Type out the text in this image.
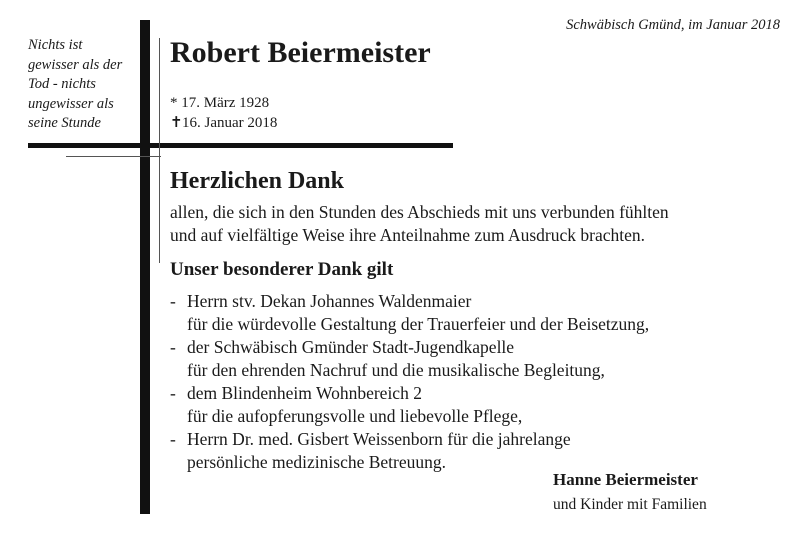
Nichts ist
gewisser als der
Tod - nichts
ungewisser als
seine Stunde
Schwäbisch Gmünd, im Januar 2018
Robert Beiermeister
* 17. März 1928
✝16. Januar 2018
Herzlichen Dank
allen, die sich in den Stunden des Abschieds mit uns verbunden fühlten
und auf vielfältige Weise ihre Anteilnahme zum Ausdruck brachten.
Unser besonderer Dank gilt
- Herrn stv. Dekan Johannes Waldenmaier
für die würdevolle Gestaltung der Trauerfeier und der Beisetzung,
- der Schwäbisch Gmünder Stadt-Jugendkapelle
für den ehrenden Nachruf und die musikalische Begleitung,
- dem Blindenheim Wohnbereich 2
für die aufopferungsvolle und liebevolle Pflege,
- Herrn Dr. med. Gisbert Weissenborn für die jahrelange
persönliche medizinische Betreuung.
Hanne Beiermeister
und Kinder mit Familien
